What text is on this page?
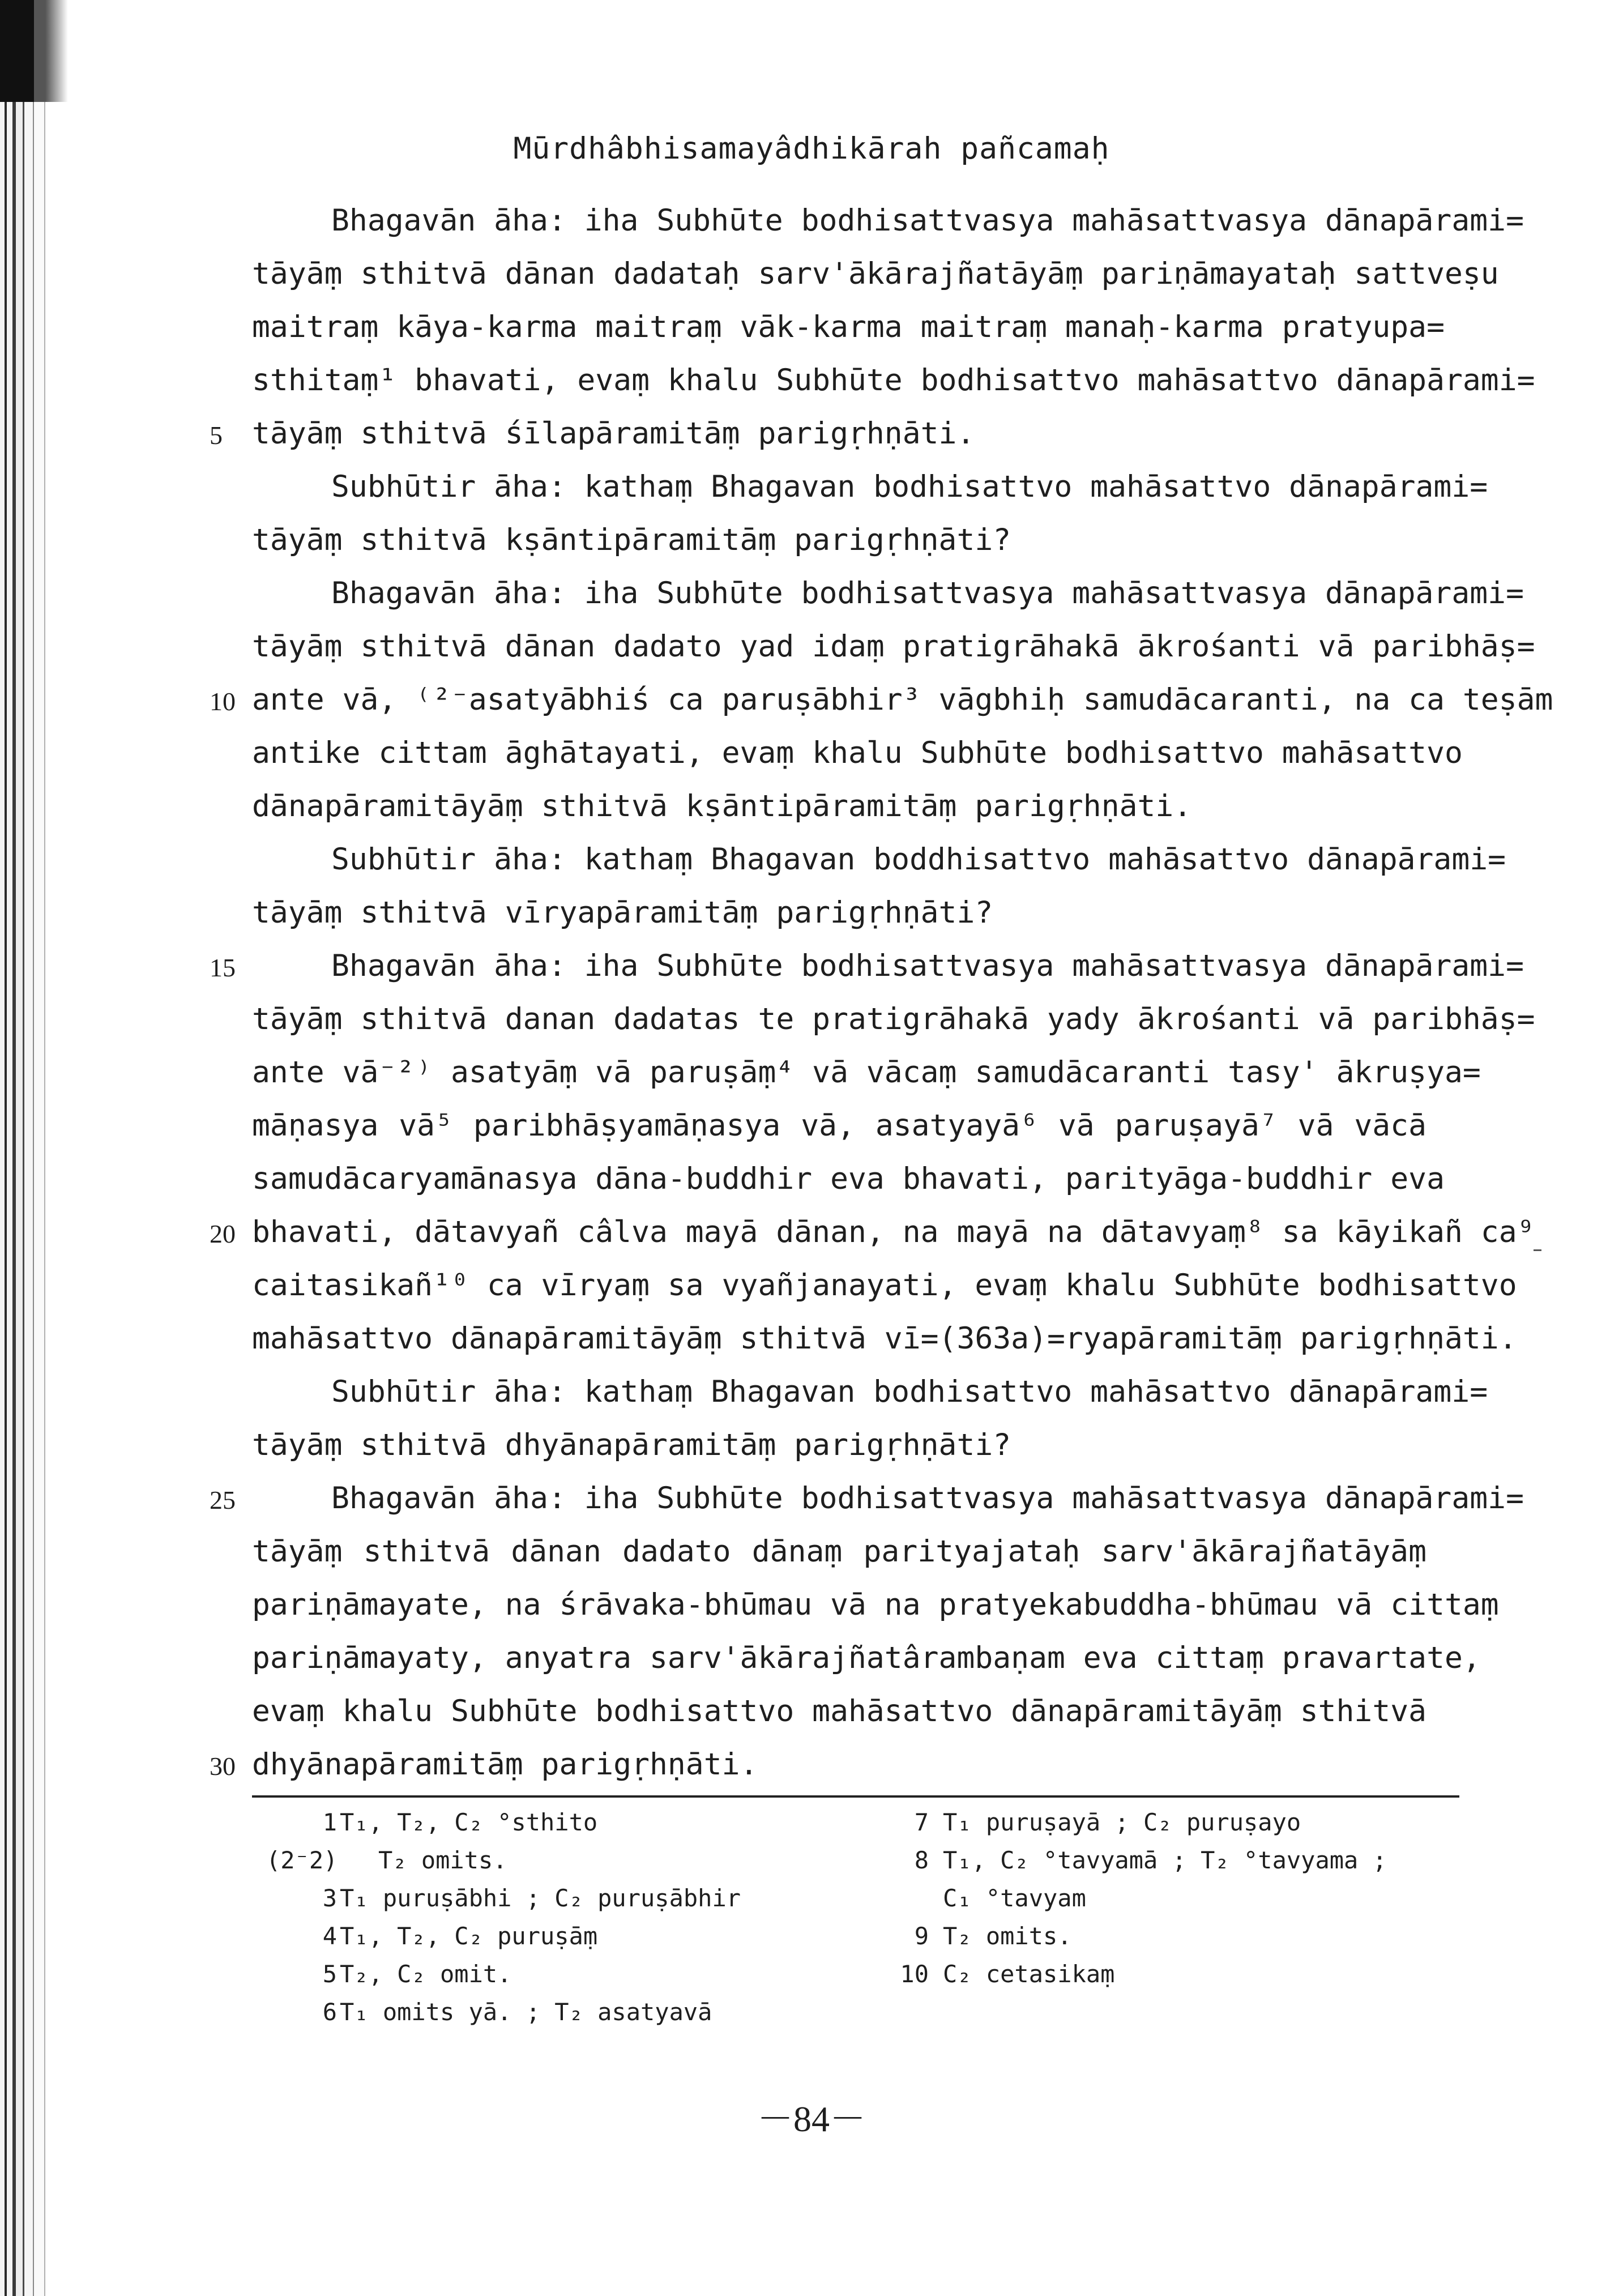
Mūrdhâbhisamayâdhikārah pañcamaḥ
5
10
15
20
25
30
Bhagavān āha: iha Subhūte bodhisattvasya mahāsattvasya dānapārami=
tāyāṃ sthitvā dānan dadataḥ sarv'ākārajñatāyāṃ pariṇāmayataḥ sattveṣu
maitraṃ kāya-karma maitraṃ vāk-karma maitraṃ manaḥ-karma pratyupa=
sthitaṃ¹ bhavati, evaṃ khalu Subhūte bodhisattvo mahāsattvo dānapārami=
tāyāṃ sthitvā śīlapāramitāṃ parigṛhṇāti.
Subhūtir āha: kathaṃ Bhagavan bodhisattvo mahāsattvo dānapārami=
tāyāṃ sthitvā kṣāntipāramitāṃ parigṛhṇāti?
Bhagavān āha: iha Subhūte bodhisattvasya mahāsattvasya dānapārami=
tāyāṃ sthitvā dānan dadato yad idaṃ pratigrāhakā ākrośanti vā paribhāṣ=
ante vā, ⁽²⁻asatyābhiś ca paruṣābhir³ vāgbhiḥ samudācaranti, na ca teṣām
antike cittam āghātayati, evaṃ khalu Subhūte bodhisattvo mahāsattvo
dānapāramitāyāṃ sthitvā kṣāntipāramitāṃ parigṛhṇāti.
Subhūtir āha: kathaṃ Bhagavan boddhisattvo mahāsattvo dānapārami=
tāyāṃ sthitvā vīryapāramitāṃ parigṛhṇāti?
Bhagavān āha: iha Subhūte bodhisattvasya mahāsattvasya dānapārami=
tāyāṃ sthitvā danan dadatas te pratigrāhakā yady ākrośanti vā paribhāṣ=
ante vā⁻²⁾ asatyāṃ vā paruṣāṃ⁴ vā vācaṃ samudācaranti tasy' ākruṣya=
māṇasya vā⁵ paribhāṣyamāṇasya vā, asatyayā⁶ vā paruṣayā⁷ vā vācā
samudācaryamānasya dāna-buddhir eva bhavati, parityāga-buddhir eva
bhavati, dātavyañ câlva mayā dānan, na mayā na dātavyaṃ⁸ sa kāyikañ ca⁹
caitasikañ¹⁰ ca vīryaṃ sa vyañjanayati, evaṃ khalu Subhūte bodhisattvo
mahāsattvo dānapāramitāyāṃ sthitvā vī=(363a)=ryapāramitāṃ parigṛhṇāti.
Subhūtir āha: kathaṃ Bhagavan bodhisattvo mahāsattvo dānapārami=
tāyāṃ sthitvā dhyānapāramitāṃ parigṛhṇāti?
Bhagavān āha: iha Subhūte bodhisattvasya mahāsattvasya dānapārami=
tāyāṃ sthitvā dānan dadato dānaṃ parityajataḥ sarv'ākārajñatāyāṃ
pariṇāmayate, na śrāvaka-bhūmau vā na pratyekabuddha-bhūmau vā cittaṃ
pariṇāmayaty, anyatra sarv'ākārajñatârambaṇam eva cittaṃ pravartate,
evaṃ khalu Subhūte bodhisattvo mahāsattvo dānapāramitāyāṃ sthitvā
dhyānapāramitāṃ parigṛhṇāti.
1 T₁, T₂, C₂ °sthito
(2⁻2) T₂ omits.
3 T₁ puruṣābhi ; C₂ puruṣābhir
4 T₁, T₂, C₂ puruṣāṃ
5 T₂, C₂ omit.
6 T₁ omits yā. ; T₂ asatyavā
7 T₁ puruṣayā ; C₂ puruṣayo
8 T₁, C₂ °tavyamā ; T₂ °tavyama ;
C₁ °tavyam
9 T₂ omits.
10 C₂ cetasikaṃ
－84－
